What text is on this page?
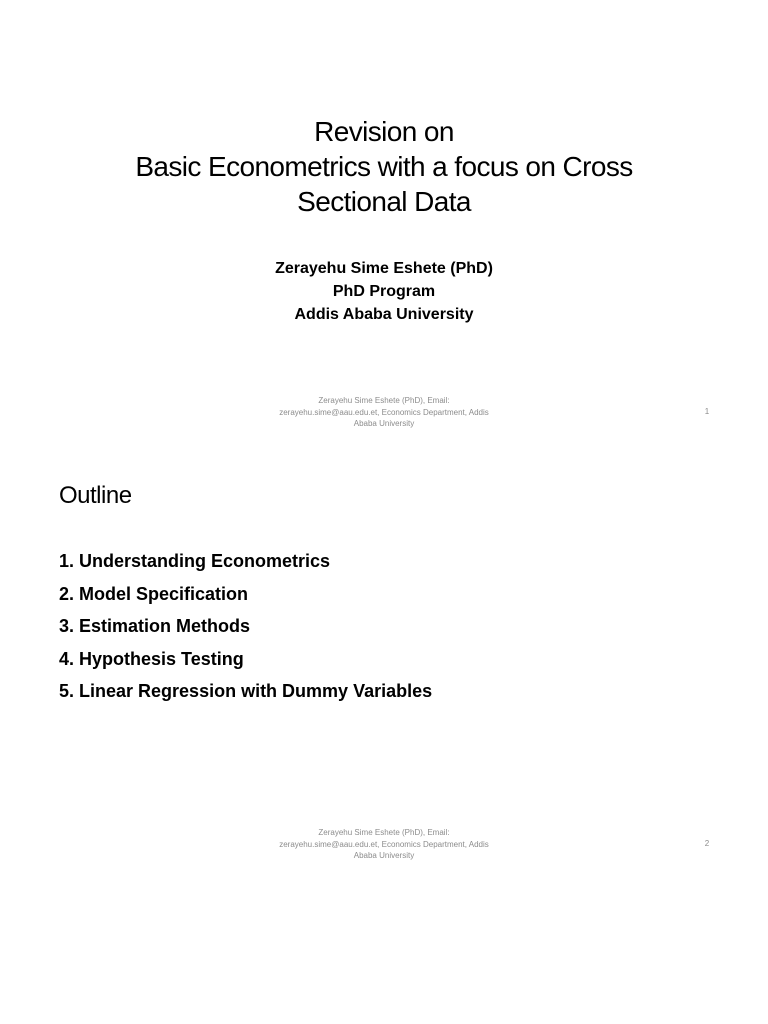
Revision on
Basic Econometrics with a focus on Cross
Sectional Data
Zerayehu Sime Eshete (PhD)
PhD Program
Addis Ababa University
Zerayehu Sime Eshete (PhD), Email:
zerayehu.sime@aau.edu.et, Economics Department, Addis
Ababa University
1
Outline
1. Understanding Econometrics
2. Model Specification
3. Estimation Methods
4. Hypothesis Testing
5. Linear Regression with Dummy Variables
Zerayehu Sime Eshete (PhD), Email:
zerayehu.sime@aau.edu.et, Economics Department, Addis
Ababa University
2
